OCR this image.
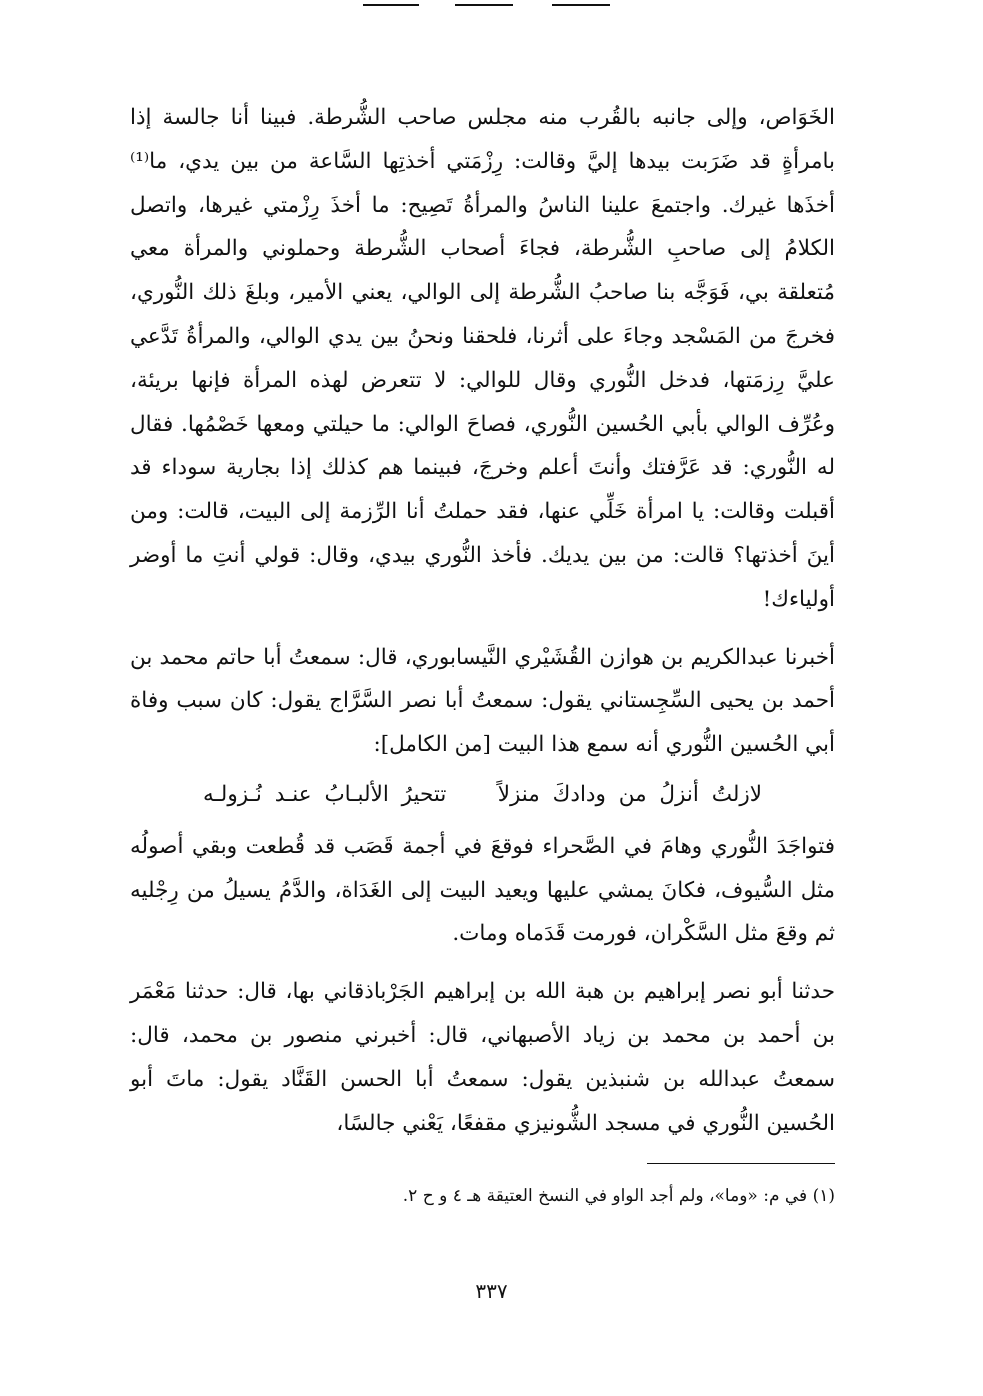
الخَوَاص، وإلى جانبه بالقُرب منه مجلس صاحب الشُّرطة. فبينا أنا جالسة إذا بامرأةٍ قد ضَرَبت بيدها إليَّ وقالت: رِزْمَتي أخذتِها السَّاعة من بين يدي، ما⁽¹⁾ أخذَها غيرك. واجتمعَ علينا الناسُ والمرأةُ تَصِيح: ما أخذَ رِزْمتي غيرها، واتصل الكلامُ إلى صاحبِ الشُّرطة، فجاءَ أصحاب الشُّرطة وحملوني والمرأة معي مُتعلقة بي، فَوَجَّه بنا صاحبُ الشُّرطة إلى الوالي، يعني الأمير، وبلغَ ذلك النُّوري، فخرجَ من المَسْجد وجاءَ على أثرنا، فلحقنا ونحنُ بين يدي الوالي، والمرأةُ تَدَّعي عليَّ رِزمَتها، فدخل النُّوري وقال للوالي: لا تتعرض لهذه المرأة فإنها بريئة، وعُرِّف الوالي بأبي الحُسين النُّوري، فصاحَ الوالي: ما حيلتي ومعها خَصْمُها. فقال له النُّوري: قد عَرَّفتك وأنتَ أعلم وخرجَ، فبينما هم كذلك إذا بجارية سوداء قد أقبلت وقالت: يا امرأة خَلِّي عنها، فقد حملتُ أنا الرِّزمة إلى البيت، قالت: ومن أينَ أخذتها؟ قالت: من بين يديك. فأخذ النُّوري بيدي، وقال: قولي أنتِ ما أوضر أولياءك!

أخبرنا عبدالكريم بن هوازن القُشَيْري النَّيسابوري، قال: سمعتُ أبا حاتم محمد بن أحمد بن يحيى السِّجِستاني يقول: سمعتُ أبا نصر السَّرَّاج يقول: كان سبب وفاة أبي الحُسين النُّوري أنه سمع هذا البيت [من الكامل]:

لازلتُ أنزلُ من ودادكَ منزلاً    تتحيرُ الألبـابُ عنـد نُـزولـه

فتواجَدَ النُّوري وهامَ في الصَّحراء فوقعَ في أجمة قَصَب قد قُطعت وبقي أصولُه مثل السُّيوف، فكانَ يمشي عليها ويعيد البيت إلى الغَدَاة، والدَّمُ يسيلُ من رِجْليه ثم وقعَ مثل السَّكْران، فورمت قَدَماه ومات.

حدثنا أبو نصر إبراهيم بن هبة الله بن إبراهيم الجَرْباذقاني بها، قال: حدثنا مَعْمَر بن أحمد بن محمد بن زياد الأصبهاني، قال: أخبرني منصور بن محمد، قال: سمعتُ عبدالله بن شنبذين يقول: سمعتُ أبا الحسن القَنَّاد يقول: ماتَ أبو الحُسين النُّوري في مسجد الشُّونيزي مقفعًا، يَعْني جالسًا،

(١) في م: «وما»، ولم أجد الواو في النسخ العتيقة هـ ٤ و ح ٢.
٣٣٧
